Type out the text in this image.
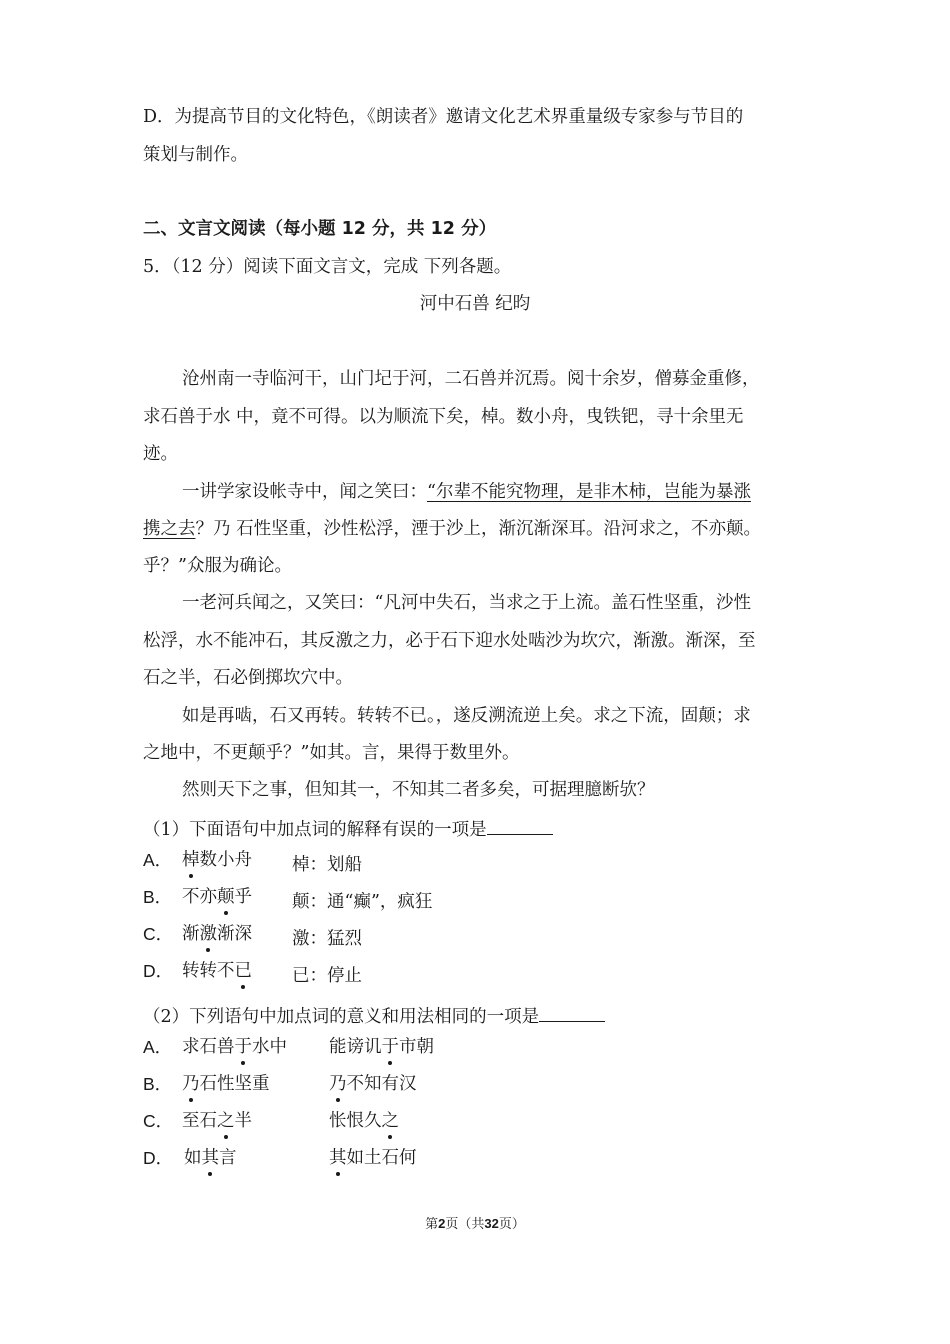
D．为提高节目的文化特色，《朗读者》邀请文化艺术界重量级专家参与节目的
策划与制作。
二、文言文阅读（每小题 12 分，共 12 分）
5．（12 分）阅读下面文言文，完成 下列各题。
河中石兽 纪昀
沧州南一寺临河干，山门圮于河，二石兽并沉焉。阅十余岁，僧募金重修，
求石兽于水 中，竟不可得。以为顺流下矣，棹。数小舟，曳铁钯，寻十余里无
迹。
一讲学家设帐寺中，闻之笑曰：“尔辈不能究物理，是非木柿，岂能为暴涨
携之去？乃 石性坚重，沙性松浮，湮于沙上，渐沉渐深耳。沿河求之，不亦颠。
乎？”众服为确论。
一老河兵闻之，又笑曰：“凡河中失石，当求之于上流。盖石性坚重，沙性
松浮，水不能冲石，其反激之力，必于石下迎水处啮沙为坎穴，渐激。渐深，至
石之半，石必倒掷坎穴中。
如是再啮，石又再转。转转不已。，遂反溯流逆上矣。求之下流，固颠；求
之地中，不更颠乎？”如其。言，果得于数里外。
然则天下之事，但知其一，不知其二者多矣，可据理臆断欤？
（1）下面语句中加点词的解释有误的一项是
A． 棹数小舟 棹：划船
B． 不亦颠乎 颠：通“癫”，疯狂
C． 渐激渐深 激：猛烈
D． 转转不已 已：停止
（2）下列语句中加点词的意义和用法相同的一项是
A． 求石兽于水中 能谤讥于市朝
B． 乃石性坚重	乃不知有汉
C． 至石之半	怅恨久之
D． 如其言	其如土石何
第2页（共32页）
